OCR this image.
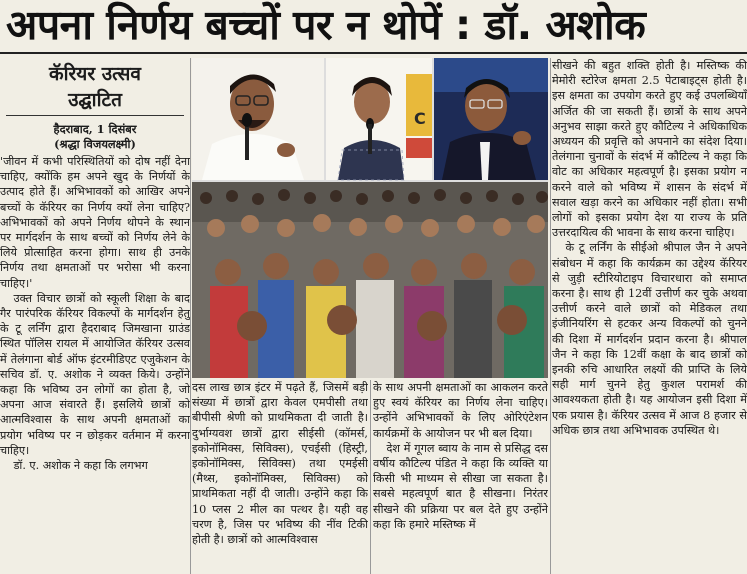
अपना निर्णय बच्चों पर न थोपें : डॉ. अशोक
कॅरियर उत्सव
उद्घाटित
हैदराबाद, 1 दिसंबर
(श्रद्धा विजयलक्ष्मी)

'जीवन में कभी परिस्थितियों को दोष नहीं देना चाहिए, क्योंकि हम अपने खुद के निर्णयों के उत्पाद होते हैं। अभिभावकों को आखिर अपने बच्चों के कॅरियर का निर्णय क्यों लेना चाहिए? अभिभावकों को अपने निर्णय थोपने के स्थान पर मार्गदर्शन के साथ बच्चों को निर्णय लेने के लिये प्रोत्साहित करना होगा। साथ ही उनके निर्णय तथा क्षमताओं पर भरोसा भी करना चाहिए।'

उक्त विचार छात्रों को स्कूली शिक्षा के बाद गैर पारंपरिक कॅरियर विकल्पों के मार्गदर्शन हेतु के टू लर्निंग द्वारा हैदराबाद जिमखाना ग्राउंड स्थित पॉलिस रायल में आयोजित कॅरियर उत्सव में तेलंगाना बोर्ड ऑफ इंटरमीडिएट एजुकेशन के सचिव डॉ. ए. अशोक ने व्यक्त किये। उन्होंने कहा कि भविष्य उन लोगों का होता है, जो अपना आज संवारते हैं। इसलिये छात्रों को आत्मविश्वास के साथ अपनी क्षमताओं का प्रयोग भविष्य पर न छोड़कर वर्तमान में करना चाहिए।

डॉ. ए. अशोक ने कहा कि लगभग

C

दस लाख छात्र इंटर में पढ़ते हैं, जिसमें बड़ी संख्या में छात्रों द्वारा केवल एमपीसी तथा बीपीसी श्रेणी को प्राथमिकता दी जाती है। दुर्भाग्यवश छात्रों द्वारा सीईसी (कॉमर्स, इकोनॉमिक्स, सिविक्स), एचईसी (हिस्ट्री, इकोनॉमिक्स, सिविक्स) तथा एमईसी (मैथ्स, इकोनॉमिक्स, सिविक्स) को प्राथमिकता नहीं दी जाती। उन्होंने कहा कि 10 प्लस 2 मील का पत्थर है। यही वह चरण है, जिस पर भविष्य की नींव टिकी होती है। छात्रों को आत्मविश्वास

के साथ अपनी क्षमताओं का आकलन करते हुए स्वयं कॅरियर का निर्णय लेना चाहिए। उन्होंने अभिभावकों के लिए ओरिएंटेशन कार्यक्रमों के आयोजन पर भी बल दिया।

देश में गूगल ब्वाय के नाम से प्रसिद्ध दस वर्षीय कौटिल्य पंडित ने कहा कि व्यक्ति या किसी भी माध्यम से सीखा जा सकता है। सबसे महत्वपूर्ण बात है सीखना। निरंतर सीखने की प्रक्रिया पर बल देते हुए उन्होंने कहा कि हमारे मस्तिष्क में

सीखने की बहुत शक्ति होती है। मस्तिष्क की मेमोरी स्टोरेज क्षमता 2.5 पेटाबाइट्स होती है। इस क्षमता का उपयोग करते हुए कई उपलब्धियाँ अर्जित की जा सकती हैं। छात्रों के साथ अपने अनुभव साझा करते हुए कौटिल्य ने अधिकाधिक अध्ययन की प्रवृत्ति को अपनाने का संदेश दिया। तेलंगाना चुनावों के संदर्भ में कौटिल्य ने कहा कि वोट का अधिकार महत्वपूर्ण है। इसका प्रयोग न करने वाले को भविष्य में शासन के संदर्भ में सवाल खड़ा करने का अधिकार नहीं होता। सभी लोगों को इसका प्रयोग देश या राज्य के प्रति उत्तरदायित्व की भावना के साथ करना चाहिए।

के टू लर्निंग के सीईओ श्रीपाल जैन ने अपने संबोधन में कहा कि कार्यक्रम का उद्देश्य कॅरियर से जुड़ी स्टीरियोटाइप विचारधारा को समाप्त करना है। साथ ही 12वीं उत्तीर्ण कर चुके अथवा उत्तीर्ण करने वाले छात्रों को मेडिकल तथा इंजीनियरिंग से हटकर अन्य विकल्पों को चुनने की दिशा में मार्गदर्शन प्रदान करना है। श्रीपाल जैन ने कहा कि 12वीं कक्षा के बाद छात्रों को इनकी रुचि आधारित लक्ष्यों की प्राप्ति के लिये सही मार्ग चुनने हेतु कुशल परामर्श की आवश्यकता होती है। यह आयोजन इसी दिशा में एक प्रयास है। कॅरियर उत्सव में आज 8 हजार से अधिक छात्र तथा अभिभावक उपस्थित थे।
